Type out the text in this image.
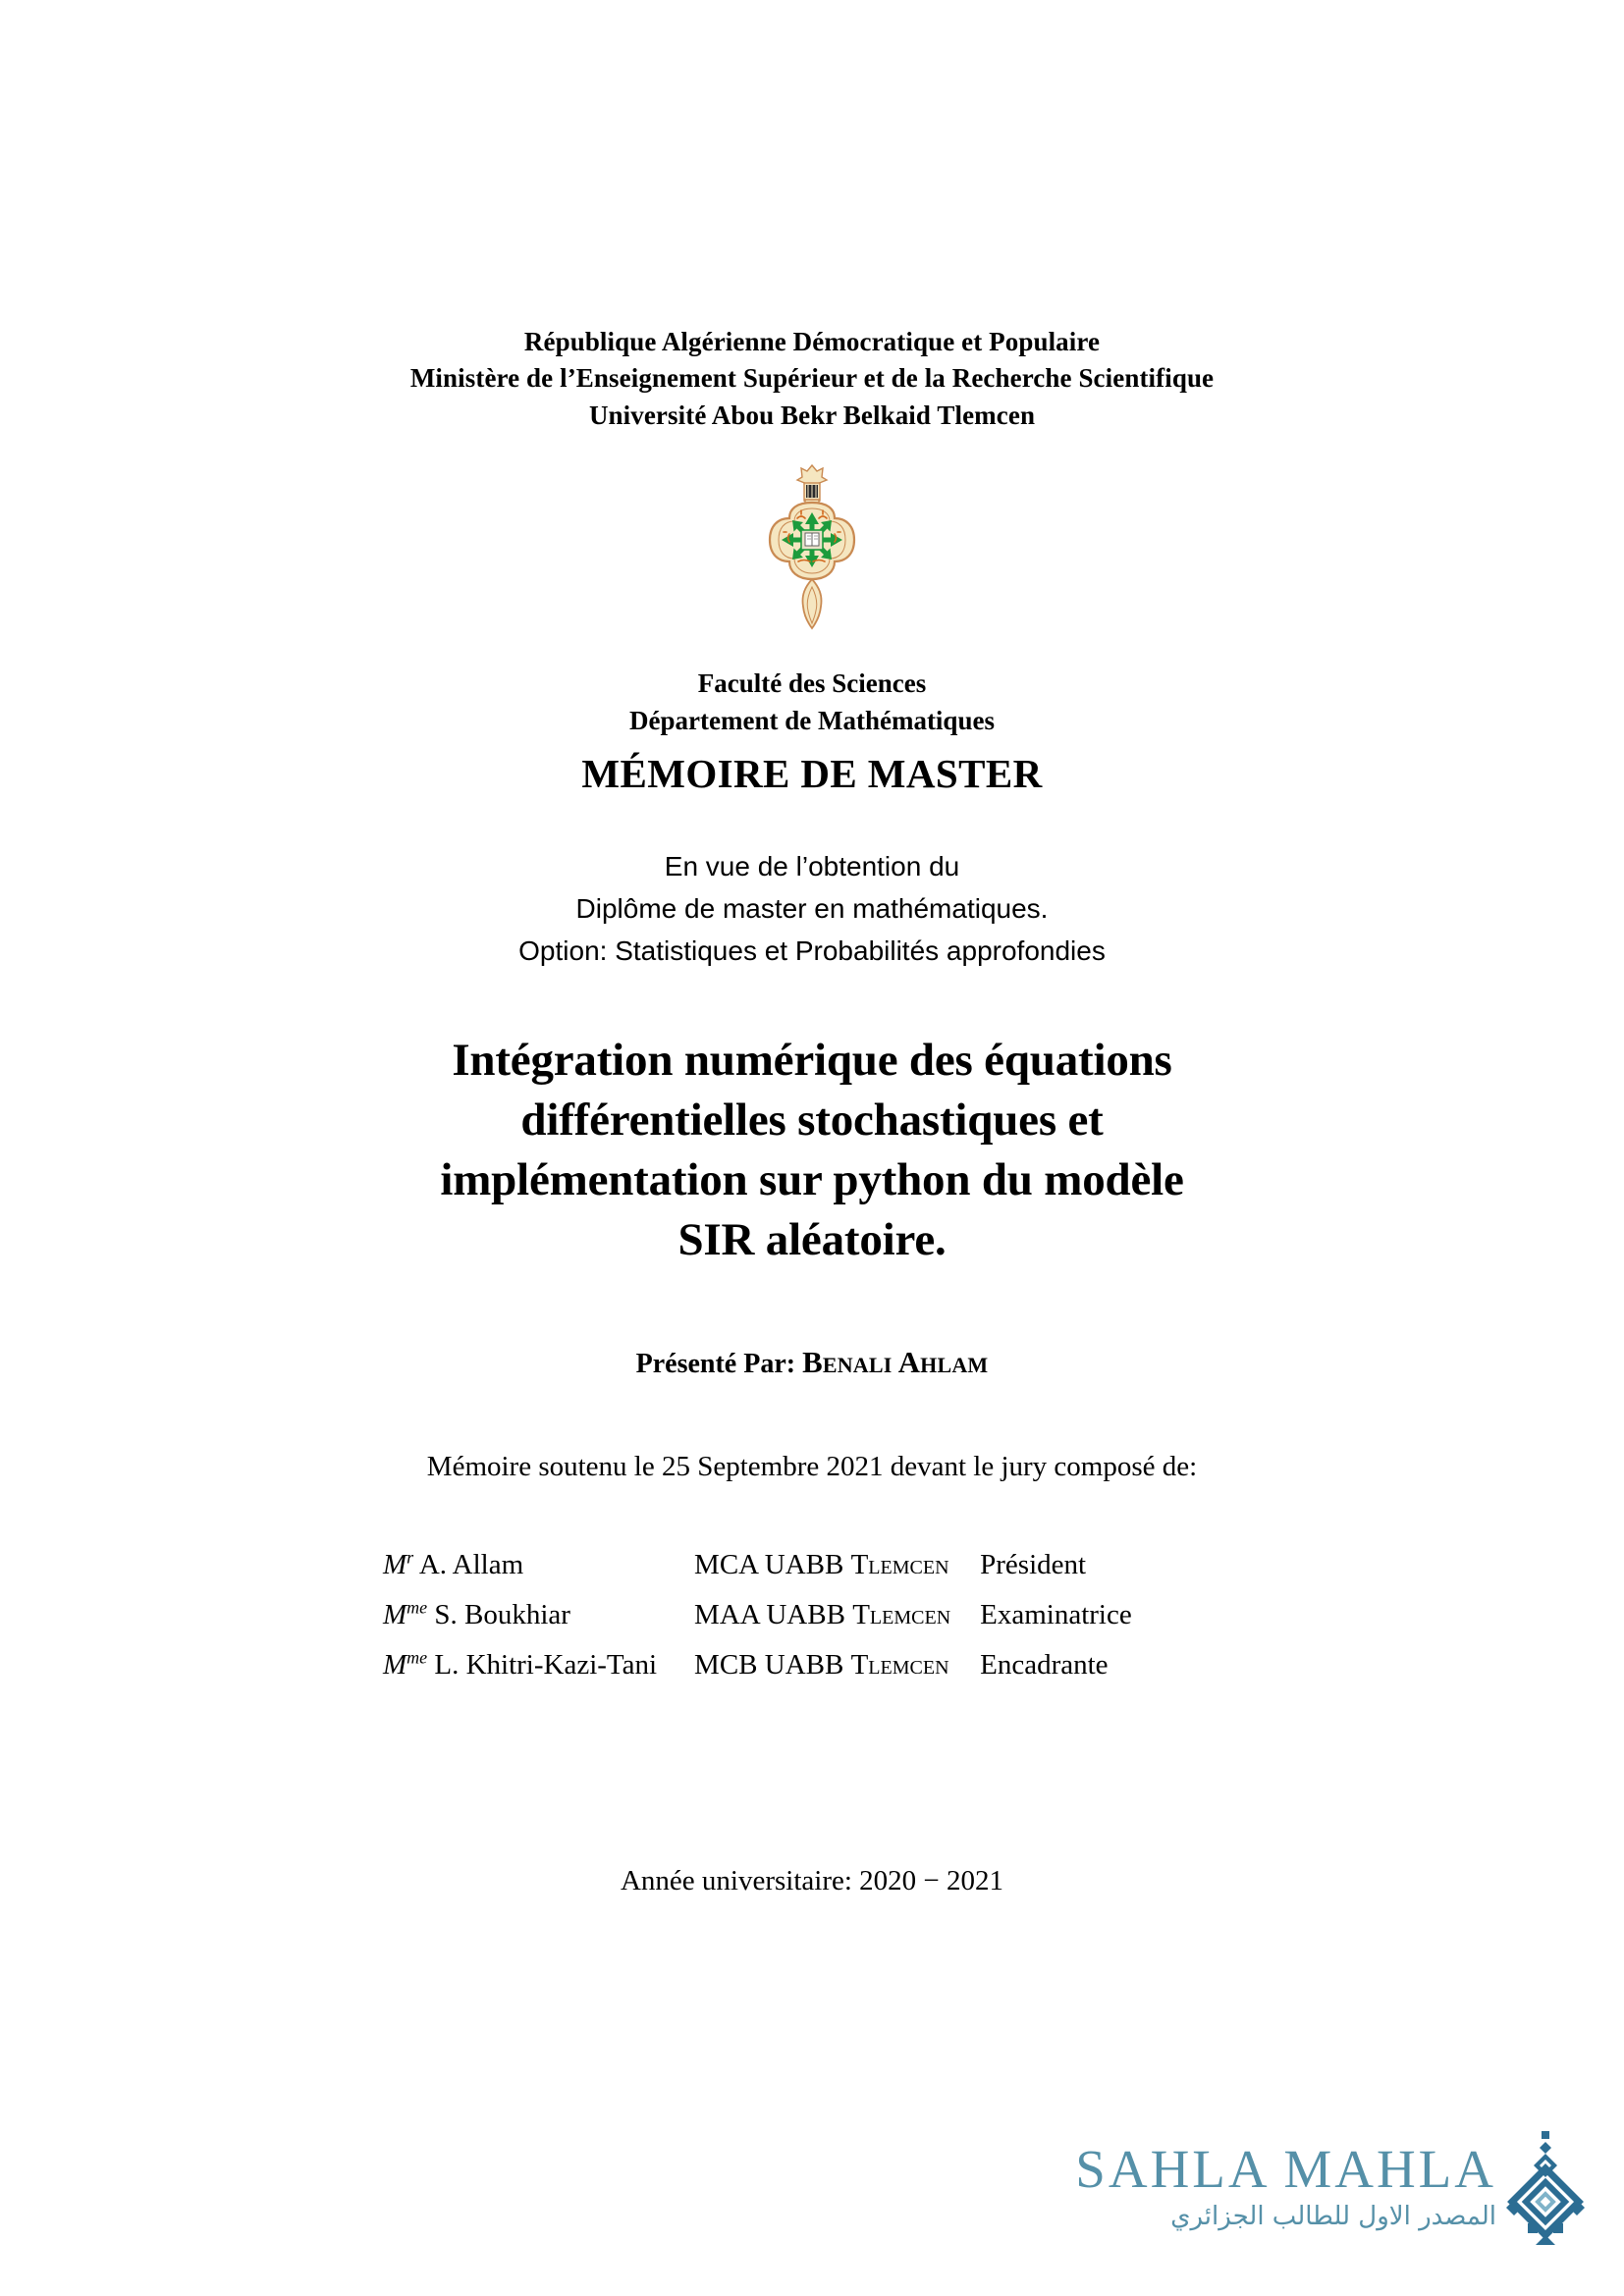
République Algérienne Démocratique et Populaire
Ministère de l’Enseignement Supérieur et de la Recherche Scientifique
Université Abou Bekr Belkaid Tlemcen
Faculté des Sciences
Département de Mathématiques
MÉMOIRE DE MASTER
En vue de l’obtention du
Diplôme de master en mathématiques.
Option: Statistiques et Probabilités approfondies
Intégration numérique des équations
différentielles stochastiques et
implémentation sur python du modèle
SIR aléatoire.
Présenté Par: Benali Ahlam
Mémoire soutenu le 25 Septembre 2021 devant le jury composé de:
$M^r$ A. Allam	MCA UABB Tlemcen	Président
$M^{me}$ S. Boukhiar	MAA UABB Tlemcen	Examinatrice
$M^{me}$ L. Khitri-Kazi-Tani	MCB UABB Tlemcen	Encadrante
Année universitaire: 2020 − 2021
SAHLA MAHLA
المصدر الاول للطالب الجزائري
